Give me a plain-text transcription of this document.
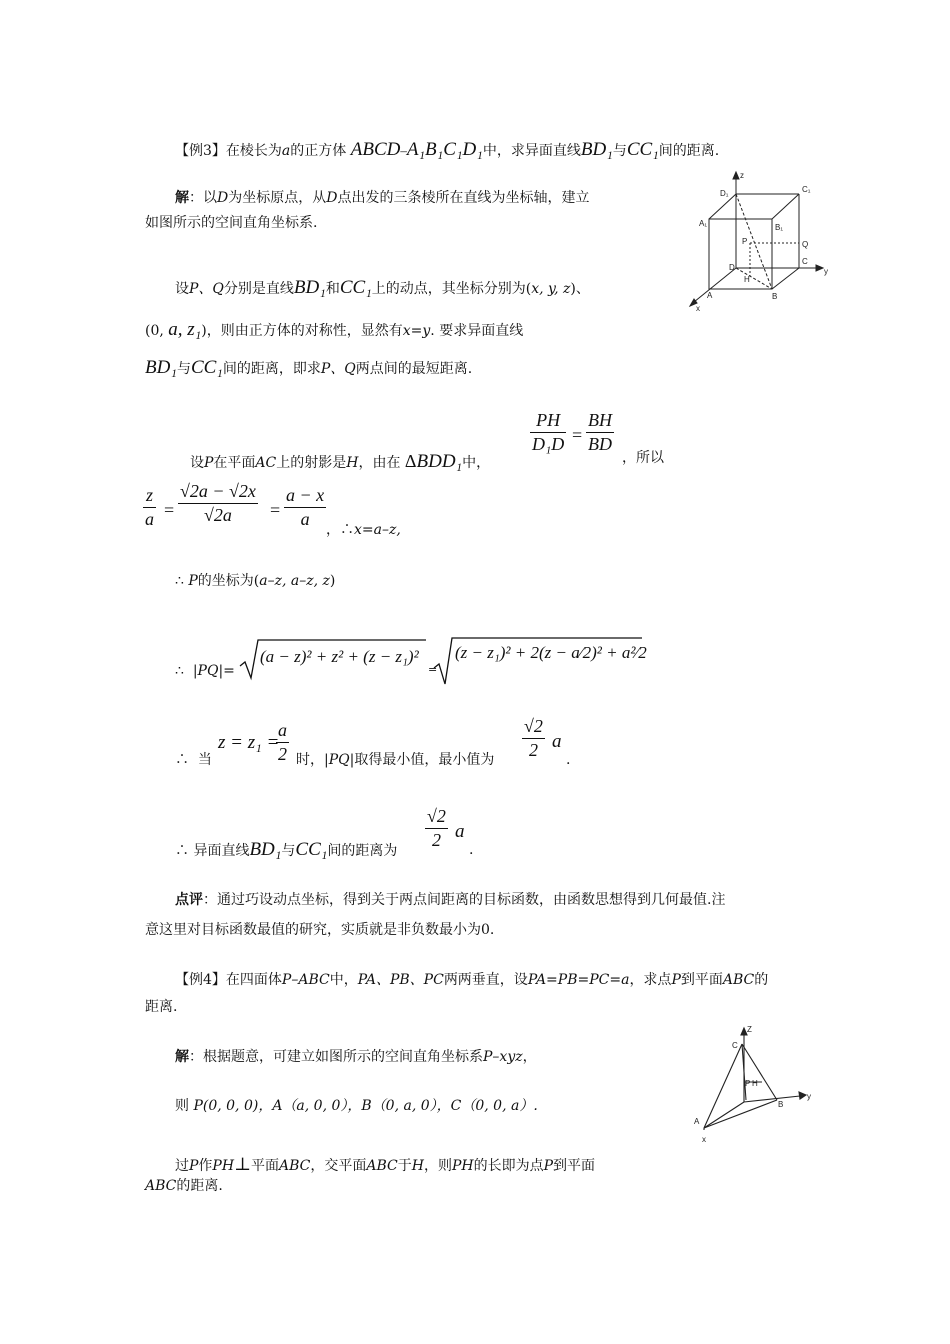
【例3】在棱长为a的正方体 ABCD–A₁B₁C₁D₁中，求异面直线BD₁与CC₁间的距离.
解：以D为坐标原点，从D点出发的三条棱所在直线为坐标轴，建立
如图所示的空间直角坐标系.
设P、Q分别是直线BD₁和CC₁上的动点，其坐标分别为(x, y, z)、
(0, a, z₁)，则由正方体的对称性，显然有x=y. 要求异面直线
BD₁与CC₁间的距离，即求P、Q两点间的最短距离.
设P在平面AC上的射影是H，由在 ΔBDD₁中，
PH
D₁D =
BH
BD
，所以
z
a =
√2a − √2x
√2a	=
a − x
a
，∴x=a–z,
∴ P的坐标为(a–z, a–z, z)
∴ |PQ|=
(a − z)² + z² + (z − z₁)²
=
(z − z₁)² + 2(z − a⁄2)² + a²⁄2
∴ 当
z = z₁ =
a
2 时，|PQ|取得最小值，最小值为
√2
2 a
.
∴ 异面直线BD₁与CC₁间的距离为
√2
2 a
.
点评：通过巧设动点坐标，得到关于两点间距离的目标函数，由函数思想得到几何最值.注
意这里对目标函数最值的研究，实质就是非负数最小为0.
【例4】在四面体P–ABC中，PA、PB、PC两两垂直，设PA=PB=PC=a，求点P到平面ABC的
距离.
解：根据题意，可建立如图所示的空间直角坐标系P–xyz，
则 P(0, 0, 0)，A（a, 0, 0），B（0, a, 0），C（0, 0, a）.
过P作PH⊥平面ABC，交平面ABC于H，则PH的长即为点P到平面
ABC的距离.
z
D₁	C₁
A₁	B₁
P	Q
D
C
y
H
A	B
x
Z
C
P H
y
A
B
x
